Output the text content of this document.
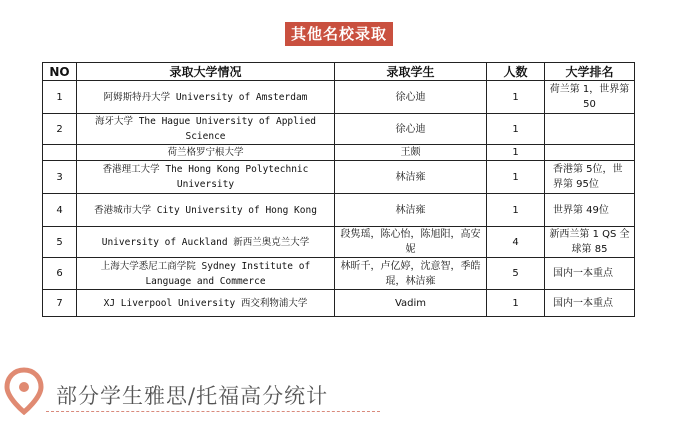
其他名校录取
NO	录取大学情况	录取学生	人数	大学排名
1	阿姆斯特丹大学 University of Amsterdam	徐心迪	1	荷兰第 1，世界第 50
2	海牙大学 The Hague University of Applied Science	徐心迪	1	
	荷兰格罗宁根大学	王颇	1	
3	香港理工大学 The Hong Kong Polytechnic University	林洁雍	1	香港第 5位，世界第 95位
4	香港城市大学 City University of Hong Kong	林洁雍	1	世界第 49位
5	University of Auckland 新西兰奥克兰大学	段隽瑶，陈心怡，陈旭阳，高安妮	4	新西兰第 1 QS 全球第 85
6	上海大学悉尼工商学院 Sydney Institute of Language and Commerce	林昕千，卢亿婷，沈意智，季皓琨，林洁雍	5	国内一本重点
7	XJ Liverpool University 西交利物浦大学	Vadim	1	国内一本重点
部分学生雅思/托福高分统计
